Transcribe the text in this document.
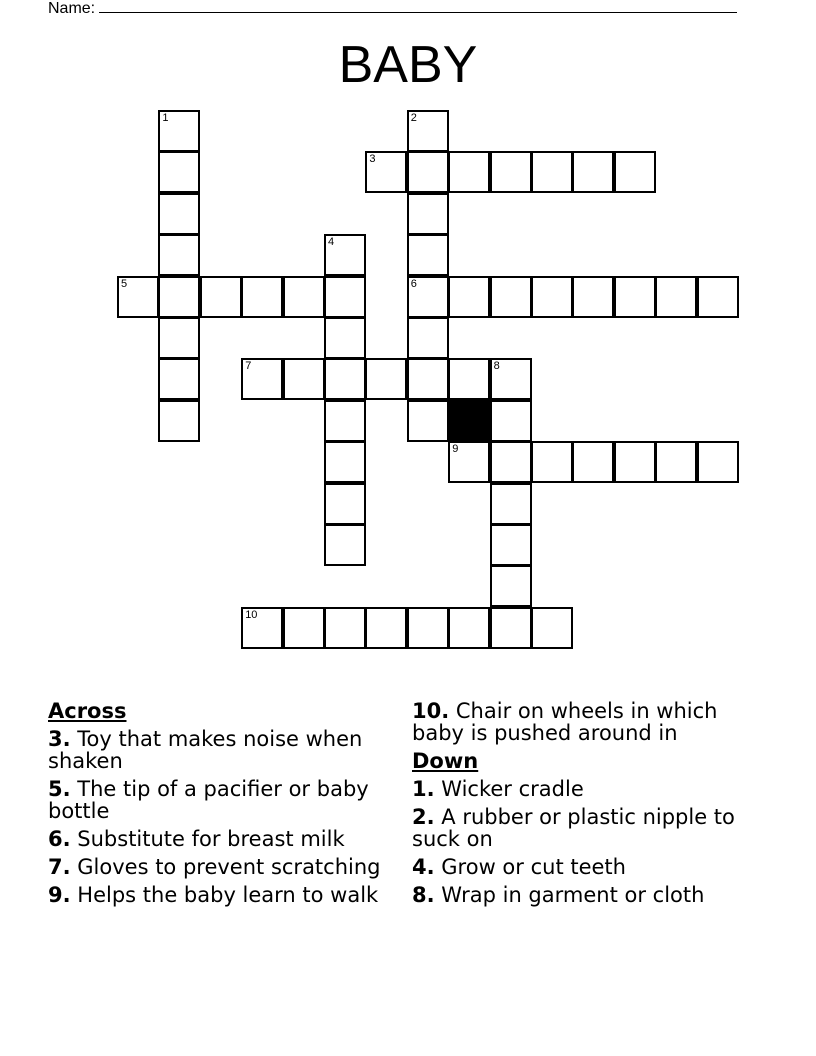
Name:
BABY
1	2
3
4
5	6
7	8
9
10
Across
3. Toy that makes noise when shaken
5. The tip of a pacifier or baby bottle
6. Substitute for breast milk
7. Gloves to prevent scratching
9. Helps the baby learn to walk
10. Chair on wheels in which baby is pushed around in
Down
1. Wicker cradle
2. A rubber or plastic nipple to suck on
4. Grow or cut teeth
8. Wrap in garment or cloth
